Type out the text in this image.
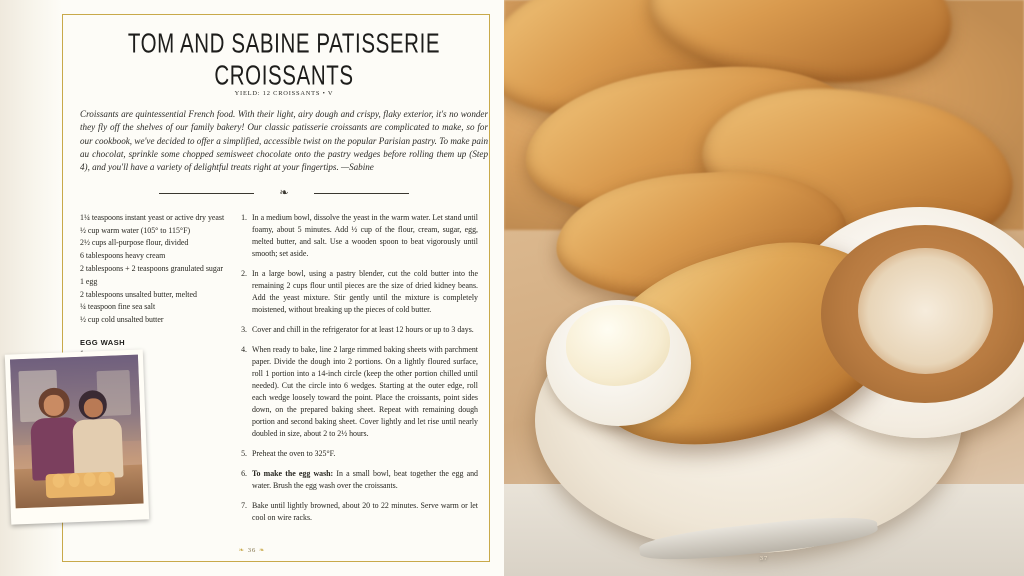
TOM AND SABINE PATISSERIE CROISSANTS
YIELD: 12 CROISSANTS • V

Croissants are quintessential French food. With their light, airy dough and crispy, flaky exterior, it's no wonder they fly off the shelves of our family bakery! Our classic patisserie croissants are complicated to make, so for our cookbook, we've decided to offer a simplified, accessible twist on the popular Parisian pastry. To make pain au chocolat, sprinkle some chopped semisweet chocolate onto the pastry wedges before rolling them up (Step 4), and you'll have a variety of delightful treats right at your fingertips. —Sabine

❧
1¼ teaspoons instant yeast or active dry yeast
½ cup warm water (105° to 115°F)
2½ cups all-purpose flour, divided
6 tablespoons heavy cream
2 tablespoons + 2 teaspoons granulated sugar
1 egg
2 tablespoons unsalted butter, melted
¼ teaspoon fine sea salt
½ cup cold unsalted butter
EGG WASH
1. In a medium bowl, dissolve the yeast in the warm water. Let stand until foamy, about 5 minutes. Add ½ cup of the flour, cream, sugar, egg, melted butter, and salt. Use a wooden spoon to beat vigorously until smooth; set aside.
2. In a large bowl, using a pastry blender, cut the cold butter into the remaining 2 cups flour until pieces are the size of dried kidney beans. Add the yeast mixture. Stir gently until the mixture is completely moistened, without breaking up the pieces of cold butter.
3. Cover and chill in the refrigerator for at least 12 hours or up to 3 days.
4. When ready to bake, line 2 large rimmed baking sheets with parchment paper. Divide the dough into 2 portions. On a lightly floured surface, roll 1 portion into a 14-inch circle (keep the other portion chilled until needed). Cut the circle into 6 wedges. Starting at the outer edge, roll each wedge loosely toward the point. Place the croissants, point sides down, on the prepared baking sheet. Repeat with remaining dough portion and second baking sheet. Cover lightly and let rise until nearly doubled in size, about 2 to 2½ hours.
5. Preheat the oven to 325°F.
6. To make the egg wash: In a small bowl, beat together the egg and water. Brush the egg wash over the croissants.
7. Bake until lightly browned, about 20 to 22 minutes. Serve warm or let cool on wire racks.
❧ 36 ❧
37
